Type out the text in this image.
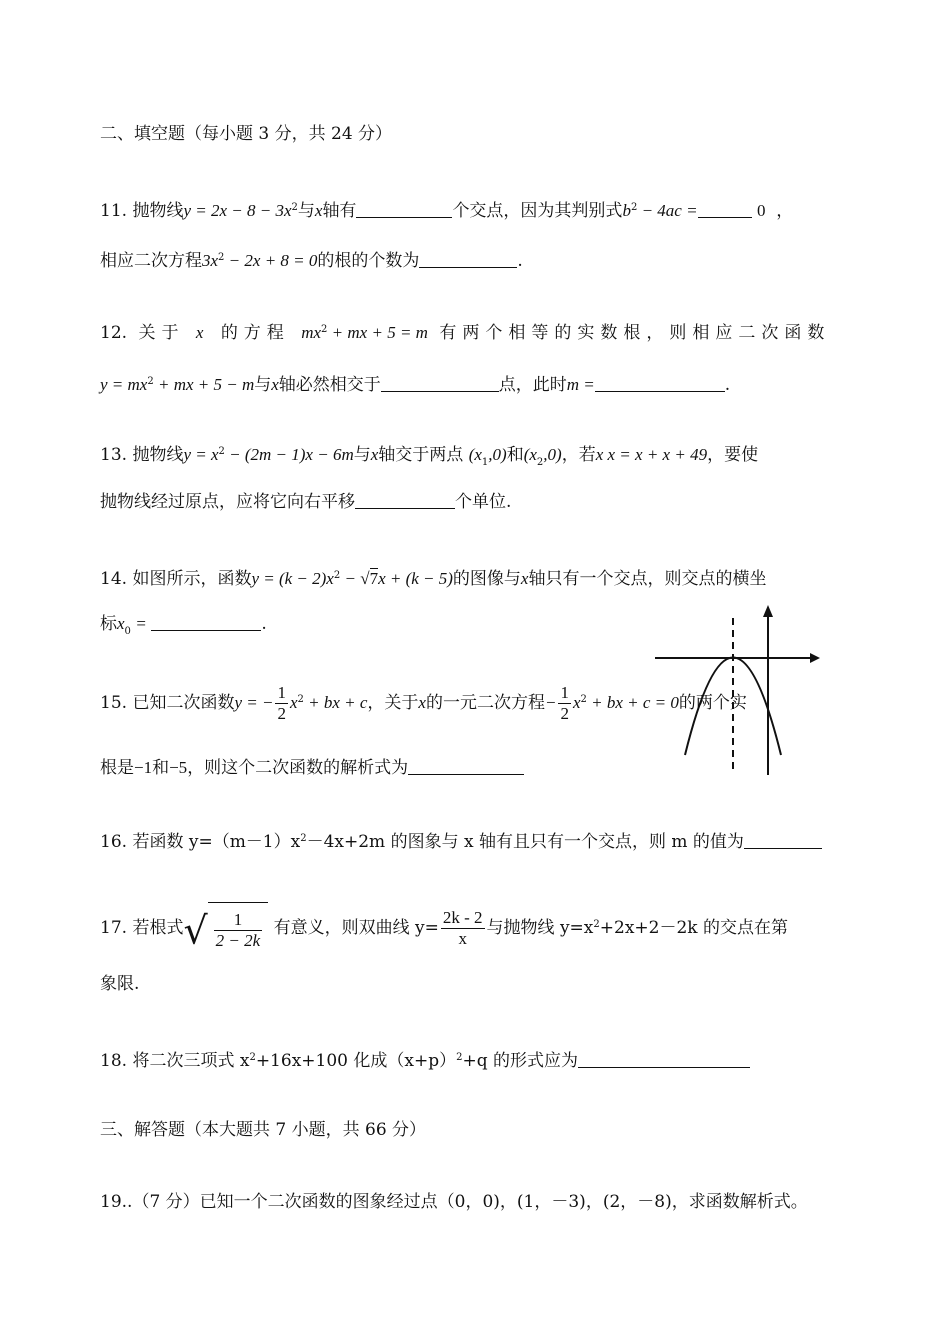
二、填空题（每小题 3 分，共 24 分）
11. 抛物线$y = 2x - 8 - 3x^2$与x轴有	个交点，因为其判别式$b^2 - 4ac$ =	0 ，
相应二次方程$3x^2 - 2x + 8 = 0$的根的个数为	.
12. 关于 x 的方程 $mx^2$ + mx + 5 = m 有两个相等的实数根，则相应二次函数
$y = mx^2$ + mx + 5 − m与x轴必然相交于	点，此时m =	.
13. 抛物线$y = x^2 - (2m - 1)x - 6m$与x轴交于两点 $(x_1,0)$和$(x_2,0)$，若x x = x + x + 49，要使
抛物线经过原点，应将它向右平移	个单位.
14. 如图所示，函数$y = (k - 2)x^2 - √7x + (k - 5)$的图像与x轴只有一个交点，则交点的横坐
标$x_0$ =	.
15. 已知二次函数y = − $\frac{1}{2} x^2$ + bx + c，关于x的一元二次方程− $\frac{1}{2} x^2$ + bx + c = 0的两个实
根是−1和−5，则这个二次函数的解析式为
16. 若函数 $y=(m-1)x^2-4x+2m$ 的图象与 x 轴有且只有一个交点，则 m 的值为
17. 若根式√ $\frac{1}{2 - 2k}$ 有意义，则双曲线 $y= \frac{2k - 2}{x}$ 与抛物线 $y=x^2+2x+2-2k$ 的交点在第
象限.
18. 将二次三项式 $x^2+16x+100$ 化成$(x+p)^2+q$ 的形式应为
三、解答题（本大题共 7 小题，共 66 分）
19..（7 分）已知一个二次函数的图象经过点（0，0)，(1，－3)，(2，－8)，求函数解析式。
